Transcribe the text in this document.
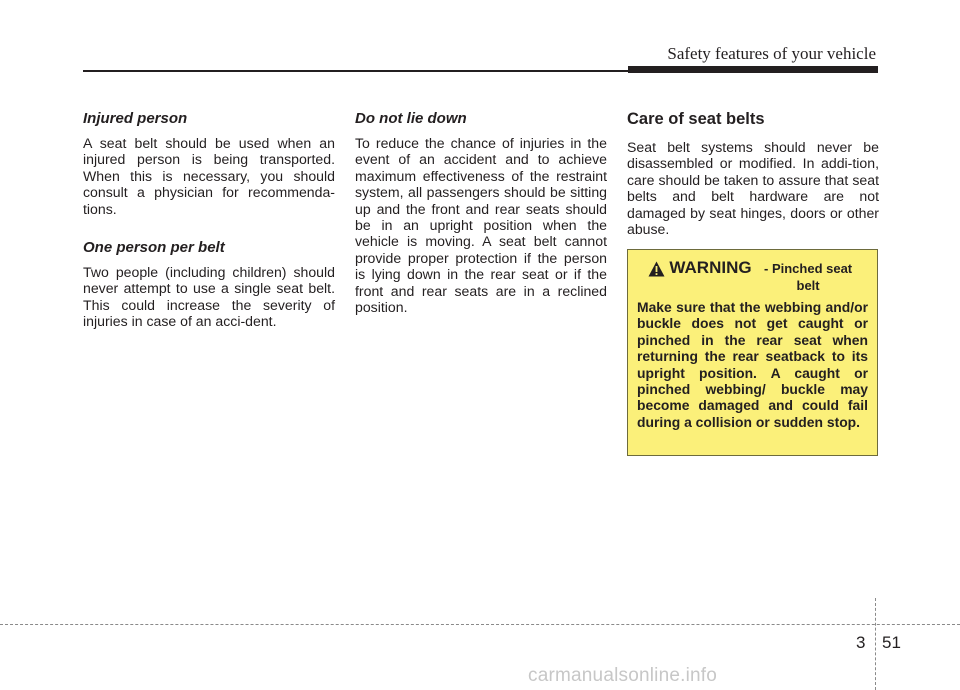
Safety features of your vehicle

Injured person

A seat belt should be used when an injured person is being transported. When this is necessary, you should consult a physician for recommenda-tions.

One person per belt

Two people (including children) should never attempt to use a single seat belt. This could increase the severity of injuries in case of an acci-dent.

Do not lie down

To reduce the chance of injuries in the event of an accident and to achieve maximum effectiveness of the restraint system, all passengers should be sitting up and the front and rear seats should be in an upright position when the vehicle is moving. A seat belt cannot provide proper protection if the person is lying down in the rear seat or if the front and rear seats are in a reclined position.

Care of seat belts

Seat belt systems should never be disassembled or modified. In addi-tion, care should be taken to assure that seat belts and belt hardware are not damaged by seat hinges, doors or other abuse.

WARNING - Pinched seat belt

Make sure that the webbing and/or buckle does not get caught or pinched in the rear seat when returning the rear seatback to its upright position. A caught or pinched webbing/ buckle may become damaged and could fail during a collision or sudden stop.

3 51
carmanualsonline.info
